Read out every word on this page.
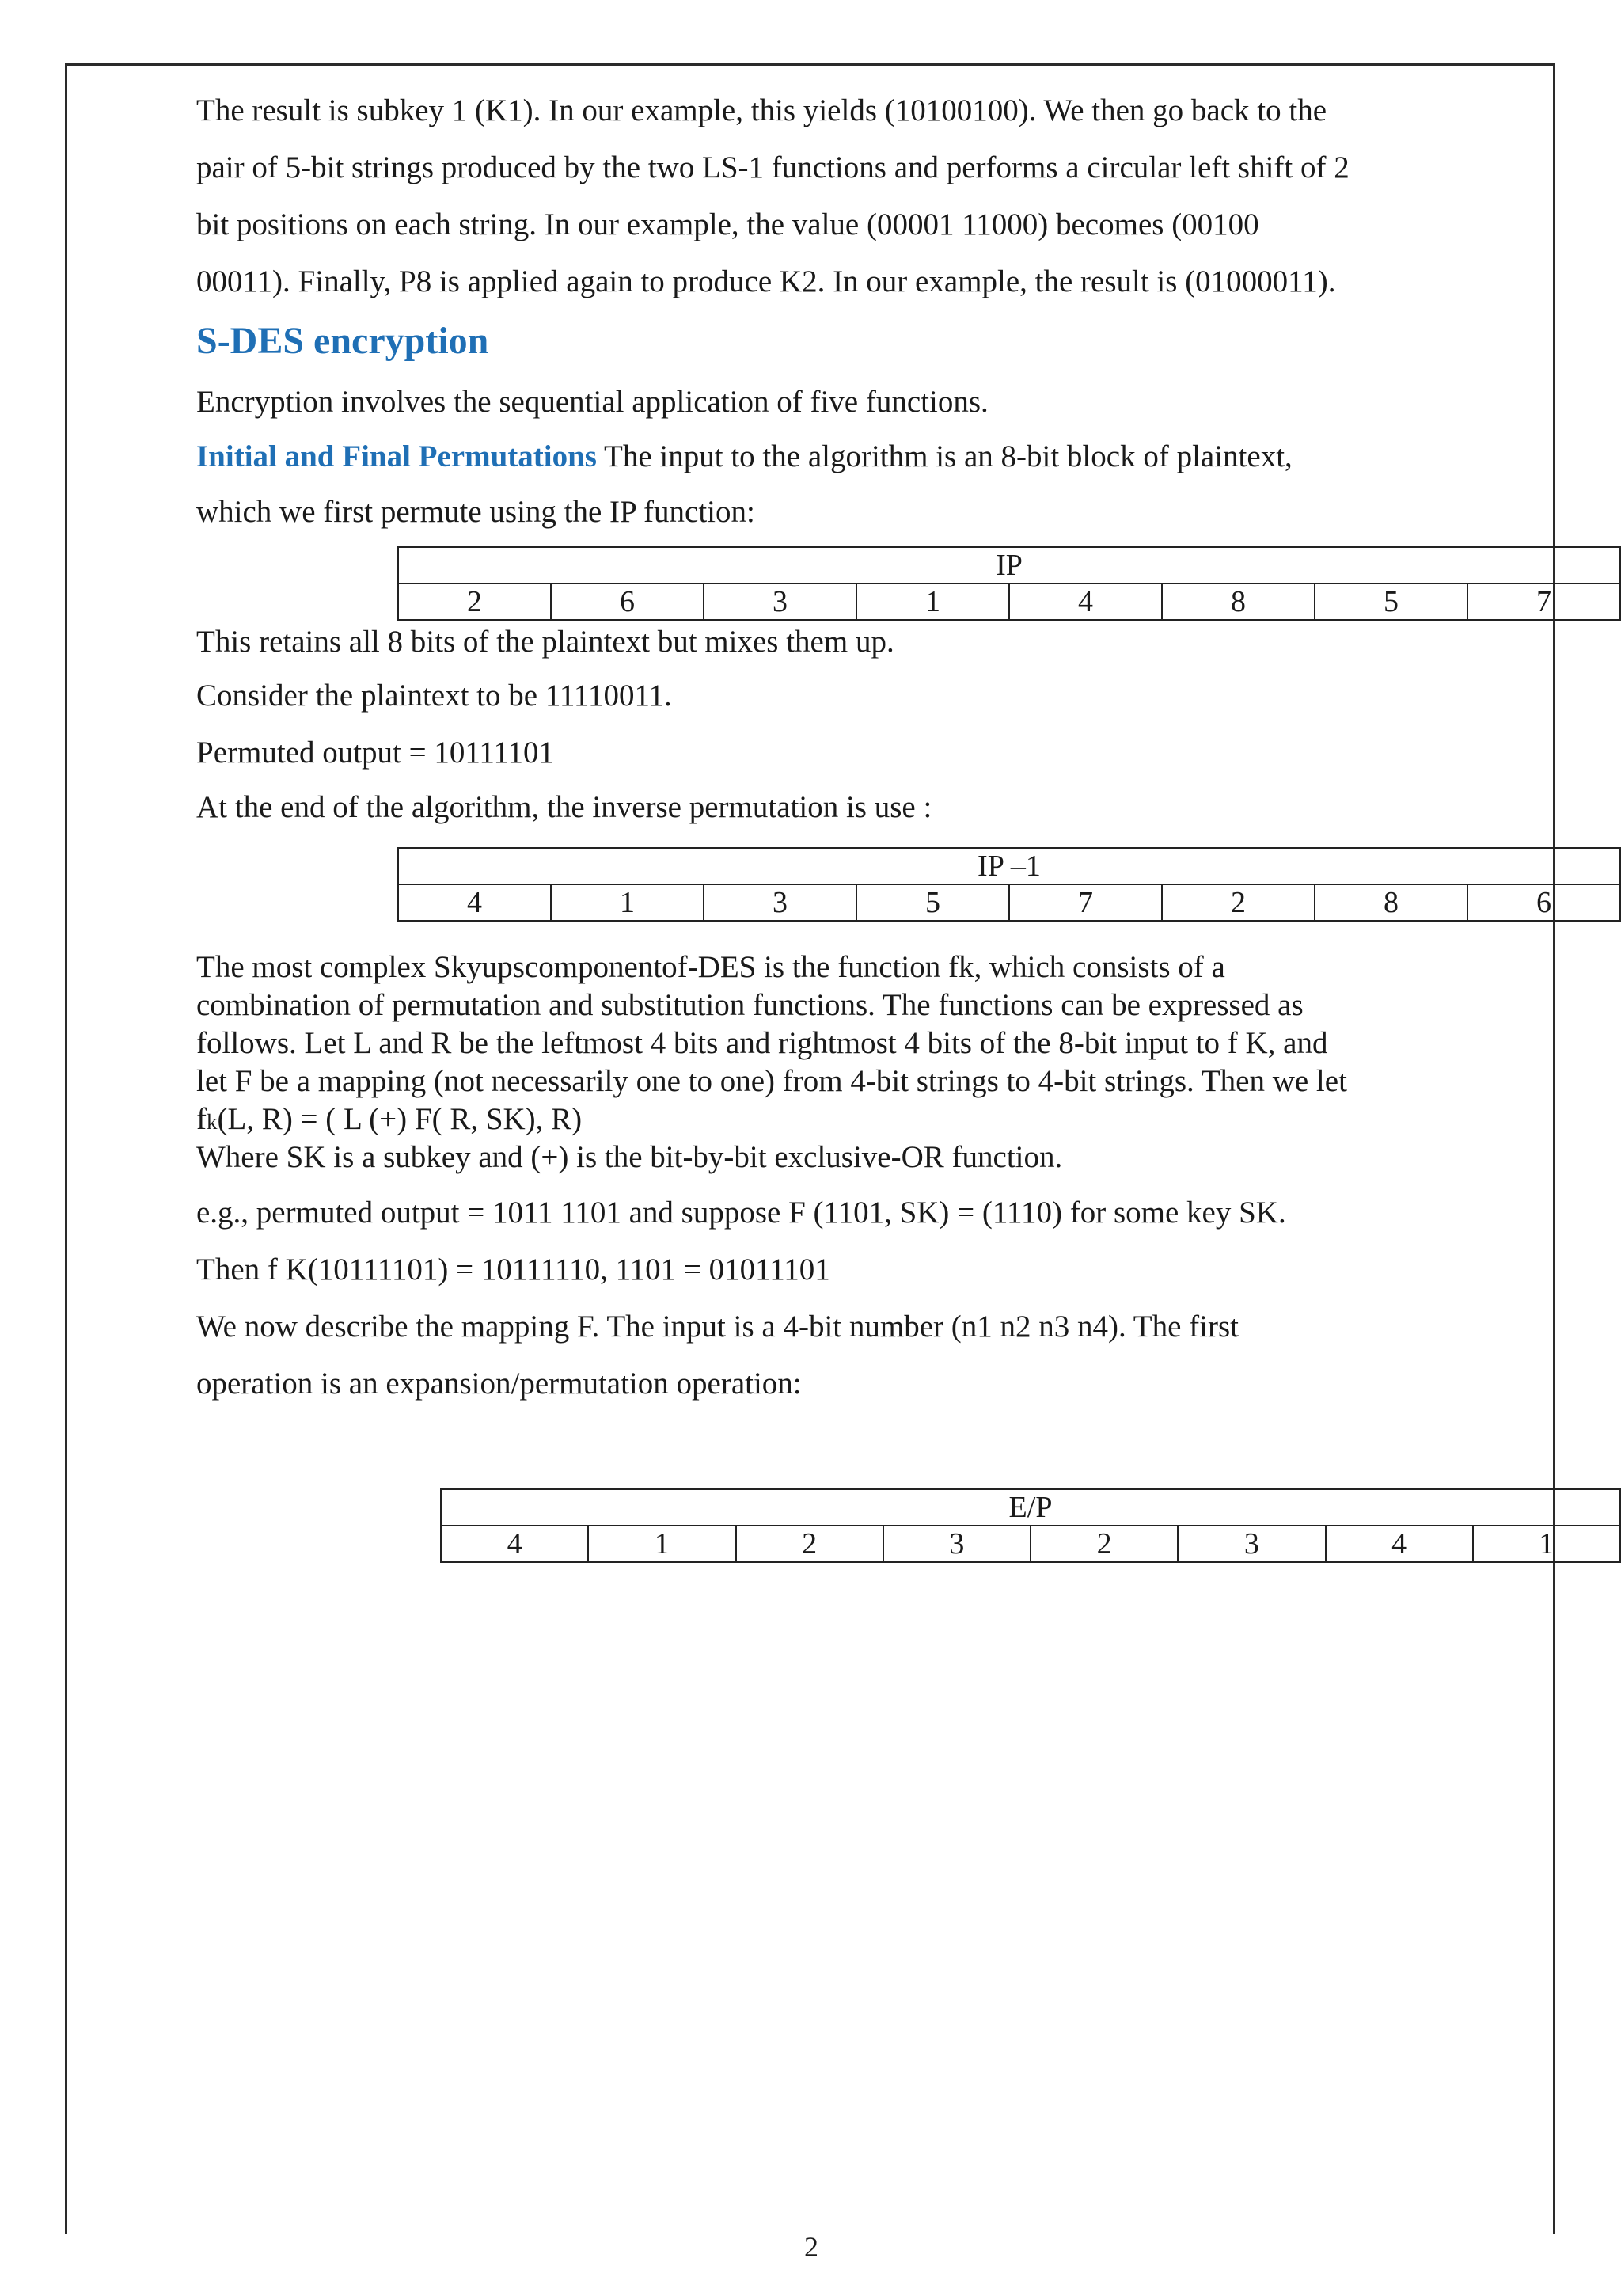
The result is subkey 1 (K1). In our example, this yields (10100100). We then go back to the

pair of 5-bit strings produced by the two LS-1 functions and performs a circular left shift of 2

bit positions on each string. In our example, the value (00001 11000) becomes (00100

00011). Finally, P8 is applied again to produce K2. In our example, the result is (01000011).

S-DES encryption

Encryption involves the sequential application of five functions.

Initial and Final Permutations The input to the algorithm is an 8-bit block of plaintext,

which we first permute using the IP function:

IP
2	6	3	1	4	8	5	7

This retains all 8 bits of the plaintext but mixes them up.

Consider the plaintext to be 11110011.

Permuted output = 10111101

At the end of the algorithm, the inverse permutation is use :

IP –1
4	1	3	5	7	2	8	6
The most complex Skyupscomponentof-DES is the function fk, which consists of a
combination of permutation and substitution functions. The functions can be expressed as
follows. Let L and R be the leftmost 4 bits and rightmost 4 bits of the 8-bit input to f K, and
let F be a mapping (not necessarily one to one) from 4-bit strings to 4-bit strings. Then we let
fk(L, R) = ( L (+) F( R, SK), R)
Where SK is a subkey and (+) is the bit-by-bit exclusive-OR function.

e.g., permuted output = 1011 1101 and suppose F (1101, SK) = (1110) for some key SK.

Then f K(10111101) = 10111110, 1101 = 01011101

We now describe the mapping F. The input is a 4-bit number (n1 n2 n3 n4). The first

operation is an expansion/permutation operation:

E/P
4	1	2	3	2	3	4	1
2
